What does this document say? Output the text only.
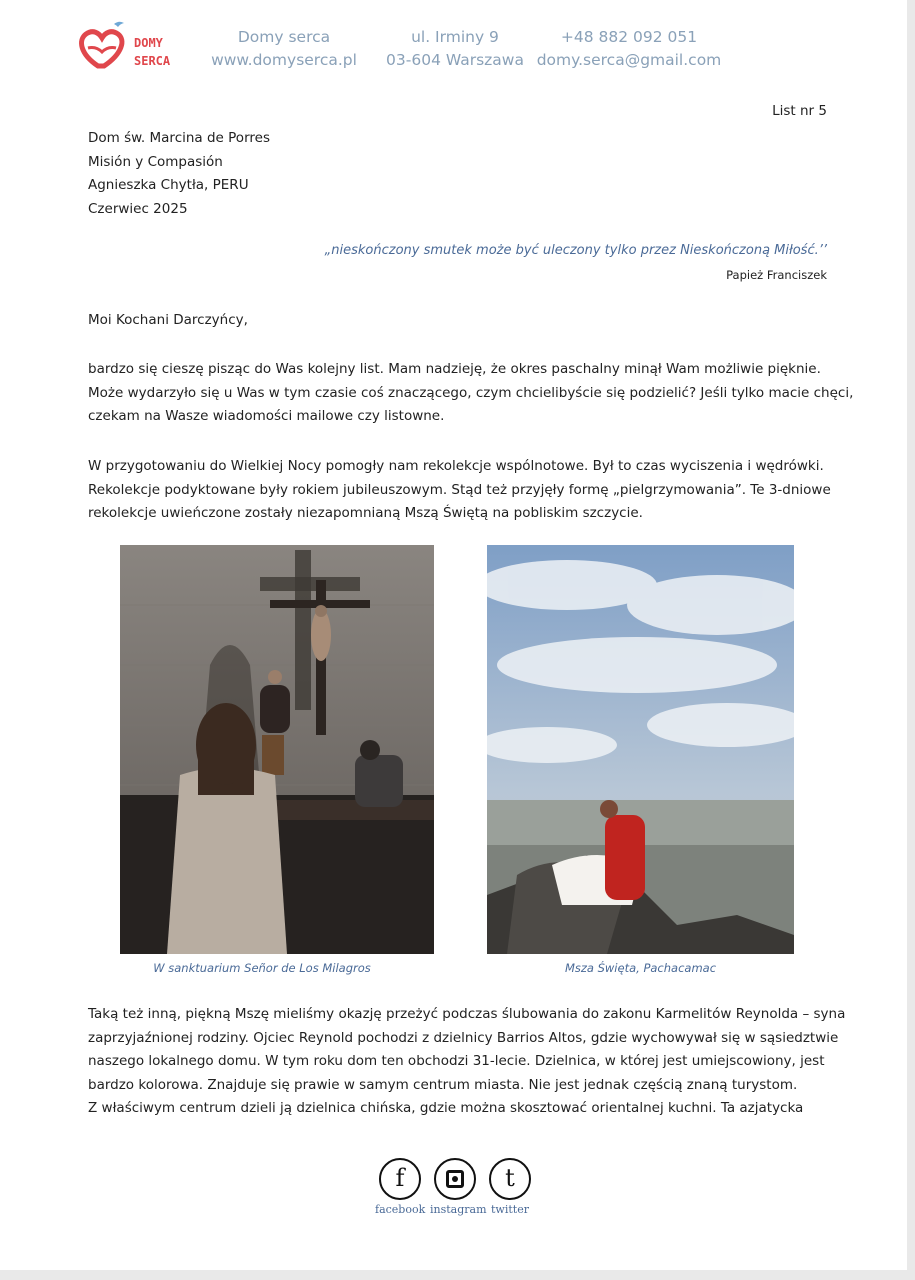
DOMY
SERCA
Domy serca
www.domyserca.pl
ul. Irminy 9
03-604 Warszawa
+48 882 092 051
domy.serca@gmail.com
List nr 5
Dom św. Marcina de Porres
Misión y Compasión
Agnieszka Chytła, PERU
Czerwiec 2025
„nieskończony smutek może być uleczony tylko przez Nieskończoną Miłość.’’
Papież Franciszek
Moi Kochani Darczyńcy,
bardzo się cieszę pisząc do Was kolejny list. Mam nadzieję, że okres paschalny minął Wam możliwie pięknie.
Może wydarzyło się u Was w tym czasie coś znaczącego, czym chcielibyście się podzielić? Jeśli tylko macie chęci,
czekam na Wasze wiadomości mailowe czy listowne.
W przygotowaniu do Wielkiej Nocy pomogły nam rekolekcje wspólnotowe. Był to czas wyciszenia i wędrówki.
Rekolekcje podyktowane były rokiem jubileuszowym. Stąd też przyjęły formę „pielgrzymowania”. Te 3-dniowe
rekolekcje uwieńczone zostały niezapomnianą Mszą Świętą na pobliskim szczycie.
W sanktuarium Señor de Los Milagros	Msza Święta, Pachacamac
Taką też inną, piękną Mszę mieliśmy okazję przeżyć podczas ślubowania do zakonu Karmelitów Reynolda – syna
zaprzyjaźnionej rodziny. Ojciec Reynold pochodzi z dzielnicy Barrios Altos, gdzie wychowywał się w sąsiedztwie
naszego lokalnego domu. W tym roku dom ten obchodzi 31-lecie. Dzielnica, w której jest umiejscowiony, jest
bardzo kolorowa. Znajduje się prawie w samym centrum miasta. Nie jest jednak częścią znaną turystom.
Z właściwym centrum dzieli ją dzielnica chińska, gdzie można skosztować orientalnej kuchni. Ta azjatycka
f
facebook instagram
t
twitter
